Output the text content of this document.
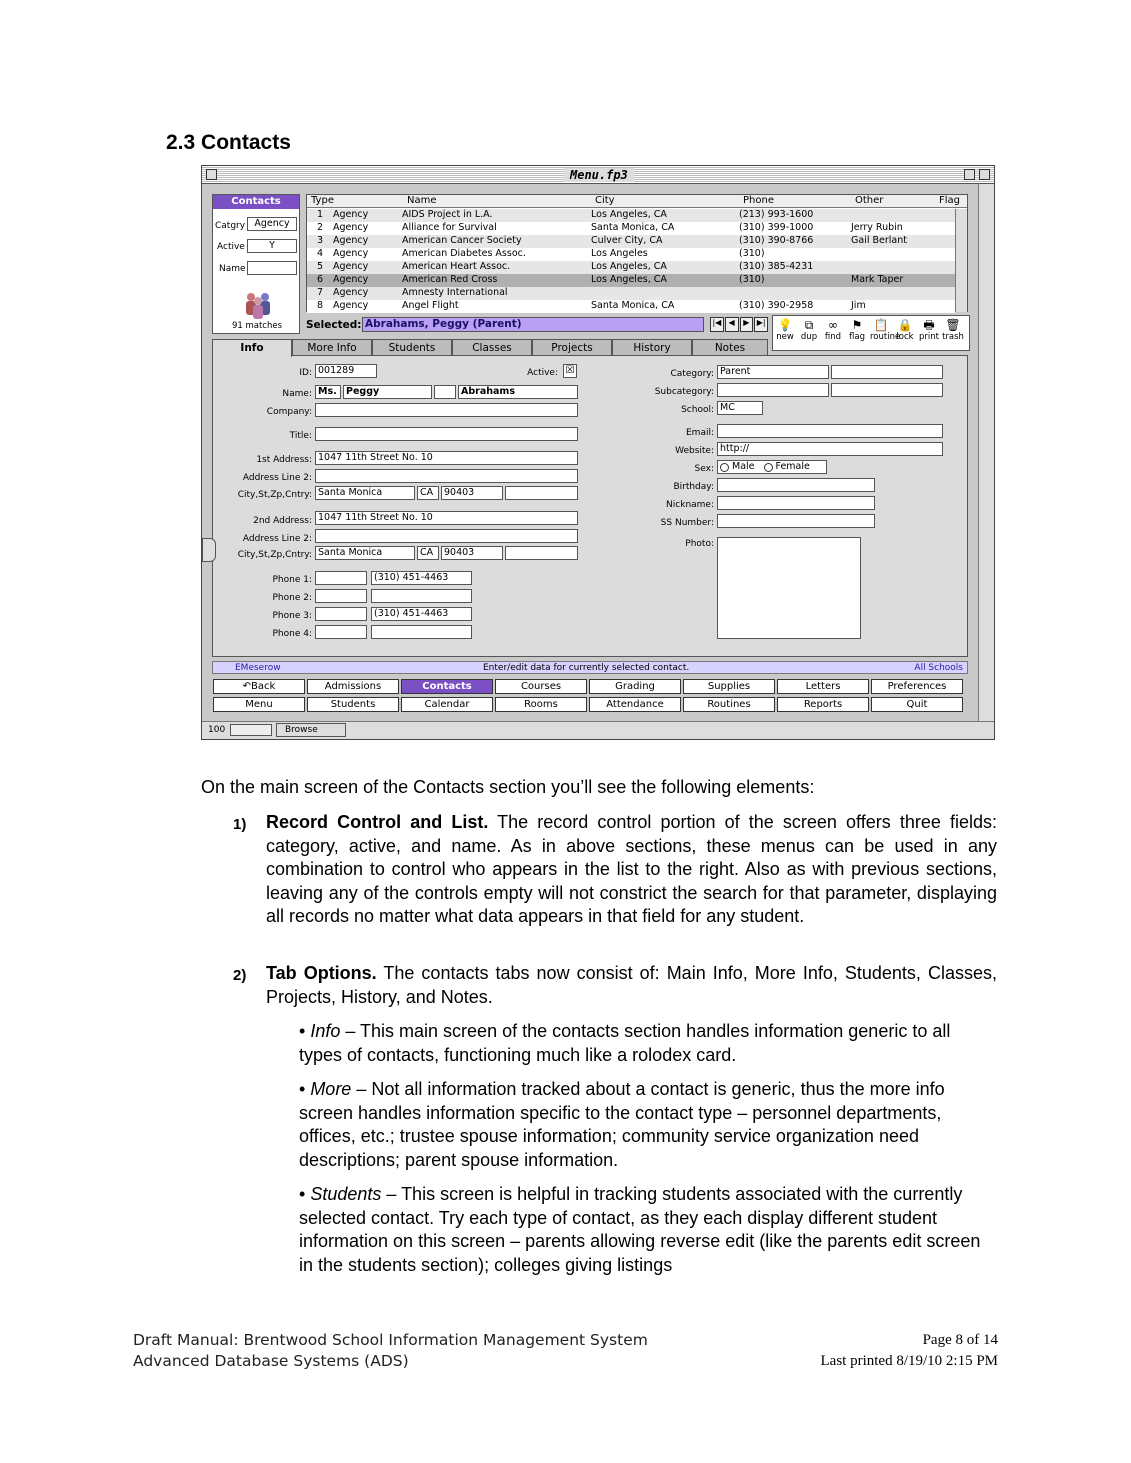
2.3 Contacts
Menu.fp3
Contacts
Catgry Agency
Active	Y
Name
91 matches
Type	Name	City	Phone	Other	Flag
1 Agency	AIDS Project in L.A.	Los Angeles, CA	(213) 993-1600
2 Agency	Alliance for Survival	Santa Monica, CA	(310) 399-1000	Jerry Rubin
3 Agency	American Cancer Society	Culver City, CA	(310) 390-8766	Gail Berlant
4 Agency	American Diabetes Assoc.	Los Angeles	(310)
5 Agency	American Heart Assoc.	Los Angeles, CA	(310) 385-4231
6 Agency	American Red Cross	Los Angeles, CA	(310)	Mark Taper
7 Agency	Amnesty International
8 Agency	Angel Flight	Santa Monica, CA	(310) 390-2958	Jim
Selected: Abrahams, Peggy (Parent)	|◀ ◀	▶ ▶|
ID: 001289	Active: ☒
Name: Ms. Peggy	Abrahams
Company:
Title:
1st Address: 1047 11th Street No. 10
Address Line 2:
City,St,Zp,Cntry: Santa Monica	CA	90403
2nd Address: 1047 11th Street No. 10
Address Line 2:
City,St,Zp,Cntry: Santa Monica	CA	90403
Phone 1:	(310) 451-4463
Phone 2:
Phone 3:	(310) 451-4463
Phone 4:
Category: Parent
Subcategory:
School: MC
Email:
Website: http://
Sex: Male Female
Birthday:
Nickname:
SS Number:
Photo:
EMeserow	Enter/edit data for currently selected contact.	All Schools
100	Browse
💡
new
⧉
dup
∞
find
⚑
flag
📋
routine
🔒
lock
🖶
print
🗑
trash
Info	More Info	Students	Classes	Projects	History	Notes
↶Back	Admissions	Contacts	Courses	Grading	Supplies	Letters	Preferences
Menu	Students	Calendar	Rooms	Attendance	Routines	Reports	Quit
On the main screen of the Contacts section you’ll see the following elements:
1) Record Control and List. The record control portion of the screen offers three fields: category, active, and name. As in above sections, these menus can be used in any combination to control who appears in the list to the right. Also as with previous sections, leaving any of the controls empty will not constrict the search for that parameter, displaying all records no matter what data appears in that field for any student.
2) Tab Options. The contacts tabs now consist of: Main Info, More Info, Students, Classes, Projects, History, and Notes.
• Info – This main screen of the contacts section handles information generic to all types of contacts, functioning much like a rolodex card.
• More – Not all information tracked about a contact is generic, thus the more info screen handles information specific to the contact type – personnel departments, offices, etc.; trustee spouse information; community service organization need descriptions; parent spouse information.
• Students – This screen is helpful in tracking students associated with the currently selected contact. Try each type of contact, as they each display different student information on this screen – parents allowing reverse edit (like the parents edit screen in the students section); colleges giving listings
Draft Manual: Brentwood School Information Management System
Advanced Database Systems (ADS)
Page 8 of 14
Last printed 8/19/10 2:15 PM
